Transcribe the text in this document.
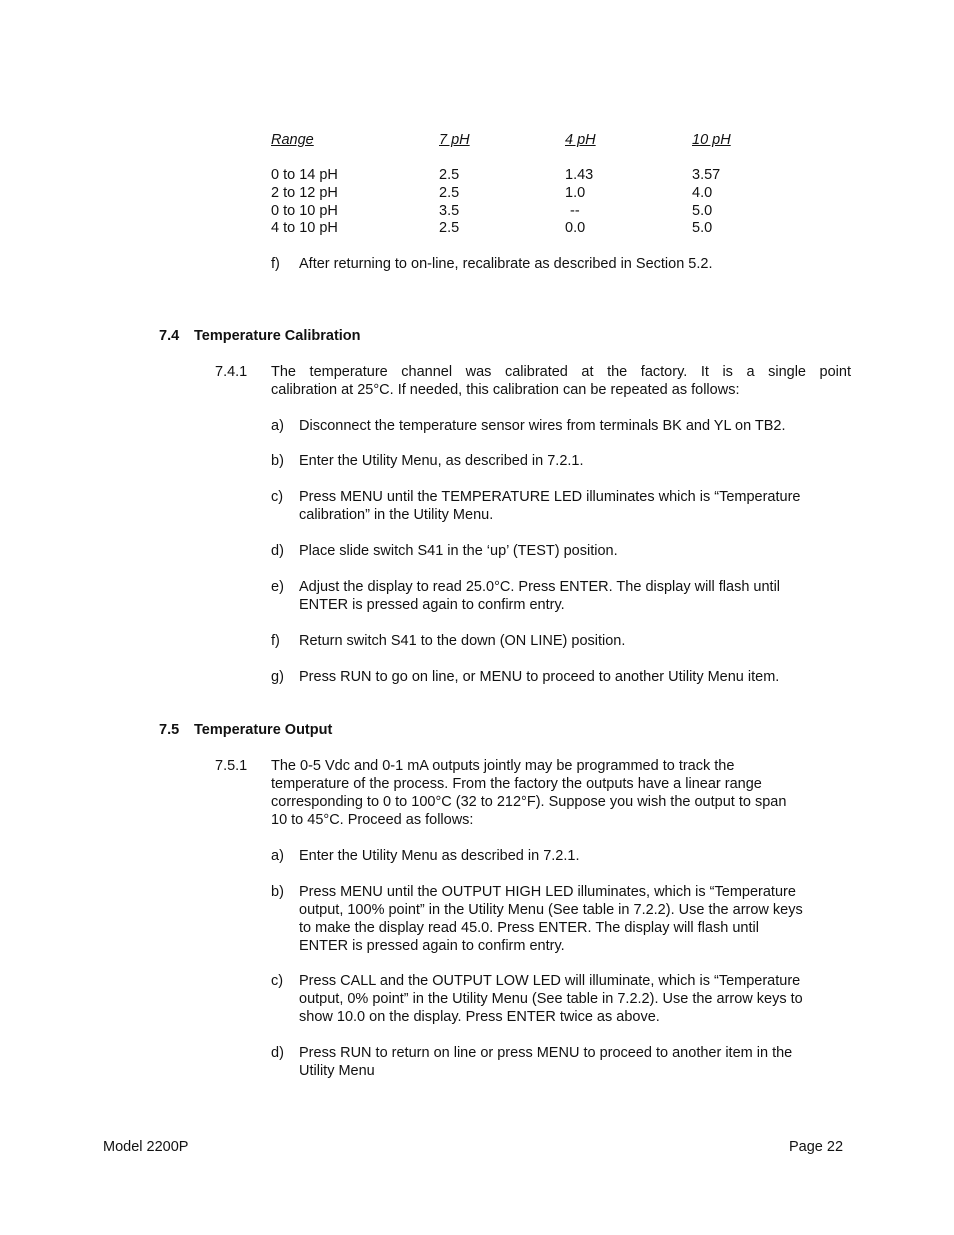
Range	7 pH	4 pH	10 pH
0 to 14 pH	2.5	1.43	3.57
2 to 12 pH	2.5	1.0	4.0
0 to 10 pH	3.5	--	5.0
4 to 10 pH	2.5	0.0	5.0
f) After returning to on-line, recalibrate as described in Section 5.2.
7.4 Temperature Calibration
7.4.1 The temperature channel was calibrated at the factory. It is a single point
calibration at 25°C. If needed, this calibration can be repeated as follows:
a) Disconnect the temperature sensor wires from terminals BK and YL on TB2.
b) Enter the Utility Menu, as described in 7.2.1.
c) Press MENU until the TEMPERATURE LED illuminates which is “Temperature
calibration” in the Utility Menu.
d) Place slide switch S41 in the ‘up’ (TEST) position.
e) Adjust the display to read 25.0°C. Press ENTER. The display will flash until
ENTER is pressed again to confirm entry.
f) Return switch S41 to the down (ON LINE) position.
g) Press RUN to go on line, or MENU to proceed to another Utility Menu item.
7.5 Temperature Output
7.5.1 The 0-5 Vdc and 0-1 mA outputs jointly may be programmed to track the
temperature of the process. From the factory the outputs have a linear range
corresponding to 0 to 100°C (32 to 212°F). Suppose you wish the output to span
10 to 45°C. Proceed as follows:
a) Enter the Utility Menu as described in 7.2.1.
b) Press MENU until the OUTPUT HIGH LED illuminates, which is “Temperature
output, 100% point” in the Utility Menu (See table in 7.2.2). Use the arrow keys
to make the display read 45.0. Press ENTER. The display will flash until
ENTER is pressed again to confirm entry.
c) Press CALL and the OUTPUT LOW LED will illuminate, which is “Temperature
output, 0% point” in the Utility Menu (See table in 7.2.2). Use the arrow keys to
show 10.0 on the display. Press ENTER twice as above.
d) Press RUN to return on line or press MENU to proceed to another item in the
Utility Menu
Model 2200P	Page 22
